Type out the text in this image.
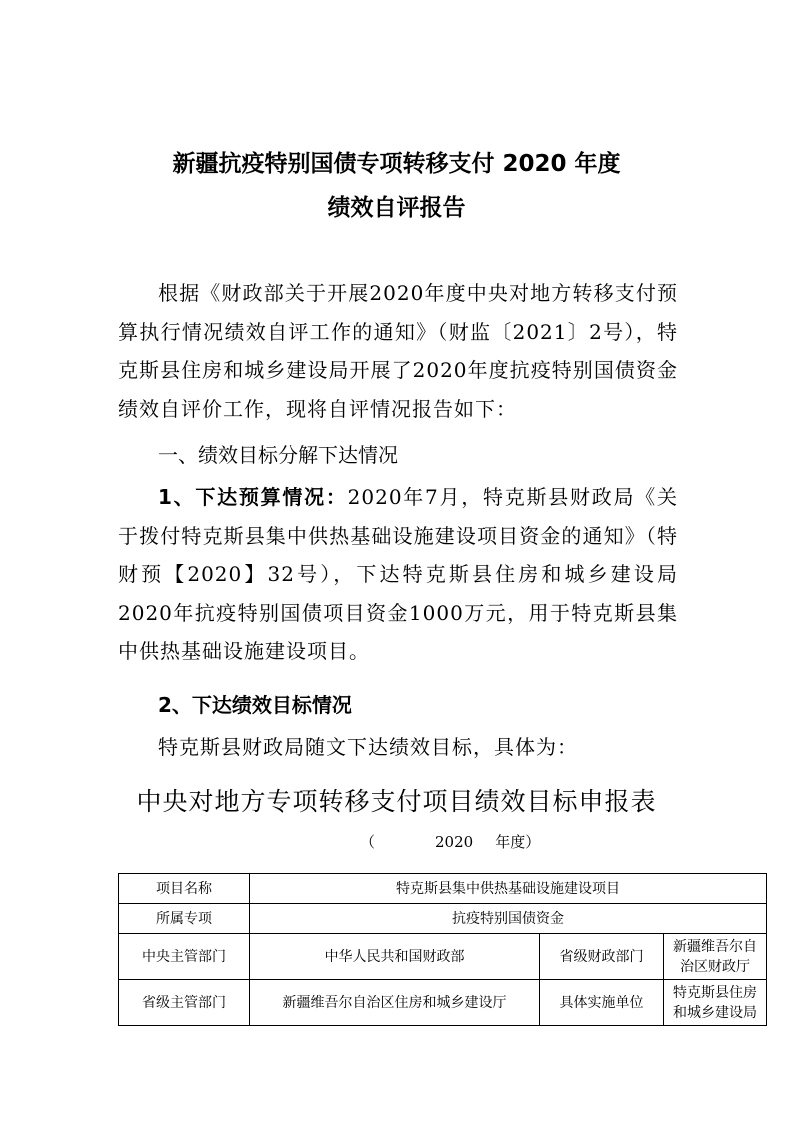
新疆抗疫特别国债专项转移支付 2020 年度
绩效自评报告
根据《财政部关于开展2020年度中央对地方转移支付预算执行情况绩效自评工作的通知》（财监〔2021〕2号），特克斯县住房和城乡建设局开展了2020年度抗疫特别国债资金绩效自评价工作，现将自评情况报告如下：
一、绩效目标分解下达情况
1、下达预算情况：2020年7月，特克斯县财政局《关于拨付特克斯县集中供热基础设施建设项目资金的通知》（特财预【2020】32号），下达特克斯县住房和城乡建设局2020年抗疫特别国债项目资金1000万元，用于特克斯县集中供热基础设施建设项目。
2、下达绩效目标情况
特克斯县财政局随文下达绩效目标，具体为：
中央对地方专项转移支付项目绩效目标申报表
（	2020 年度）
项目名称	特克斯县集中供热基础设施建设项目		
所属专项	抗疫特别国债资金		
中央主管部门	中华人民共和国财政部	省级财政部门	新疆维吾尔自治区财政厅
省级主管部门	新疆维吾尔自治区住房和城乡建设厅	具体实施单位	特克斯县住房和城乡建设局
